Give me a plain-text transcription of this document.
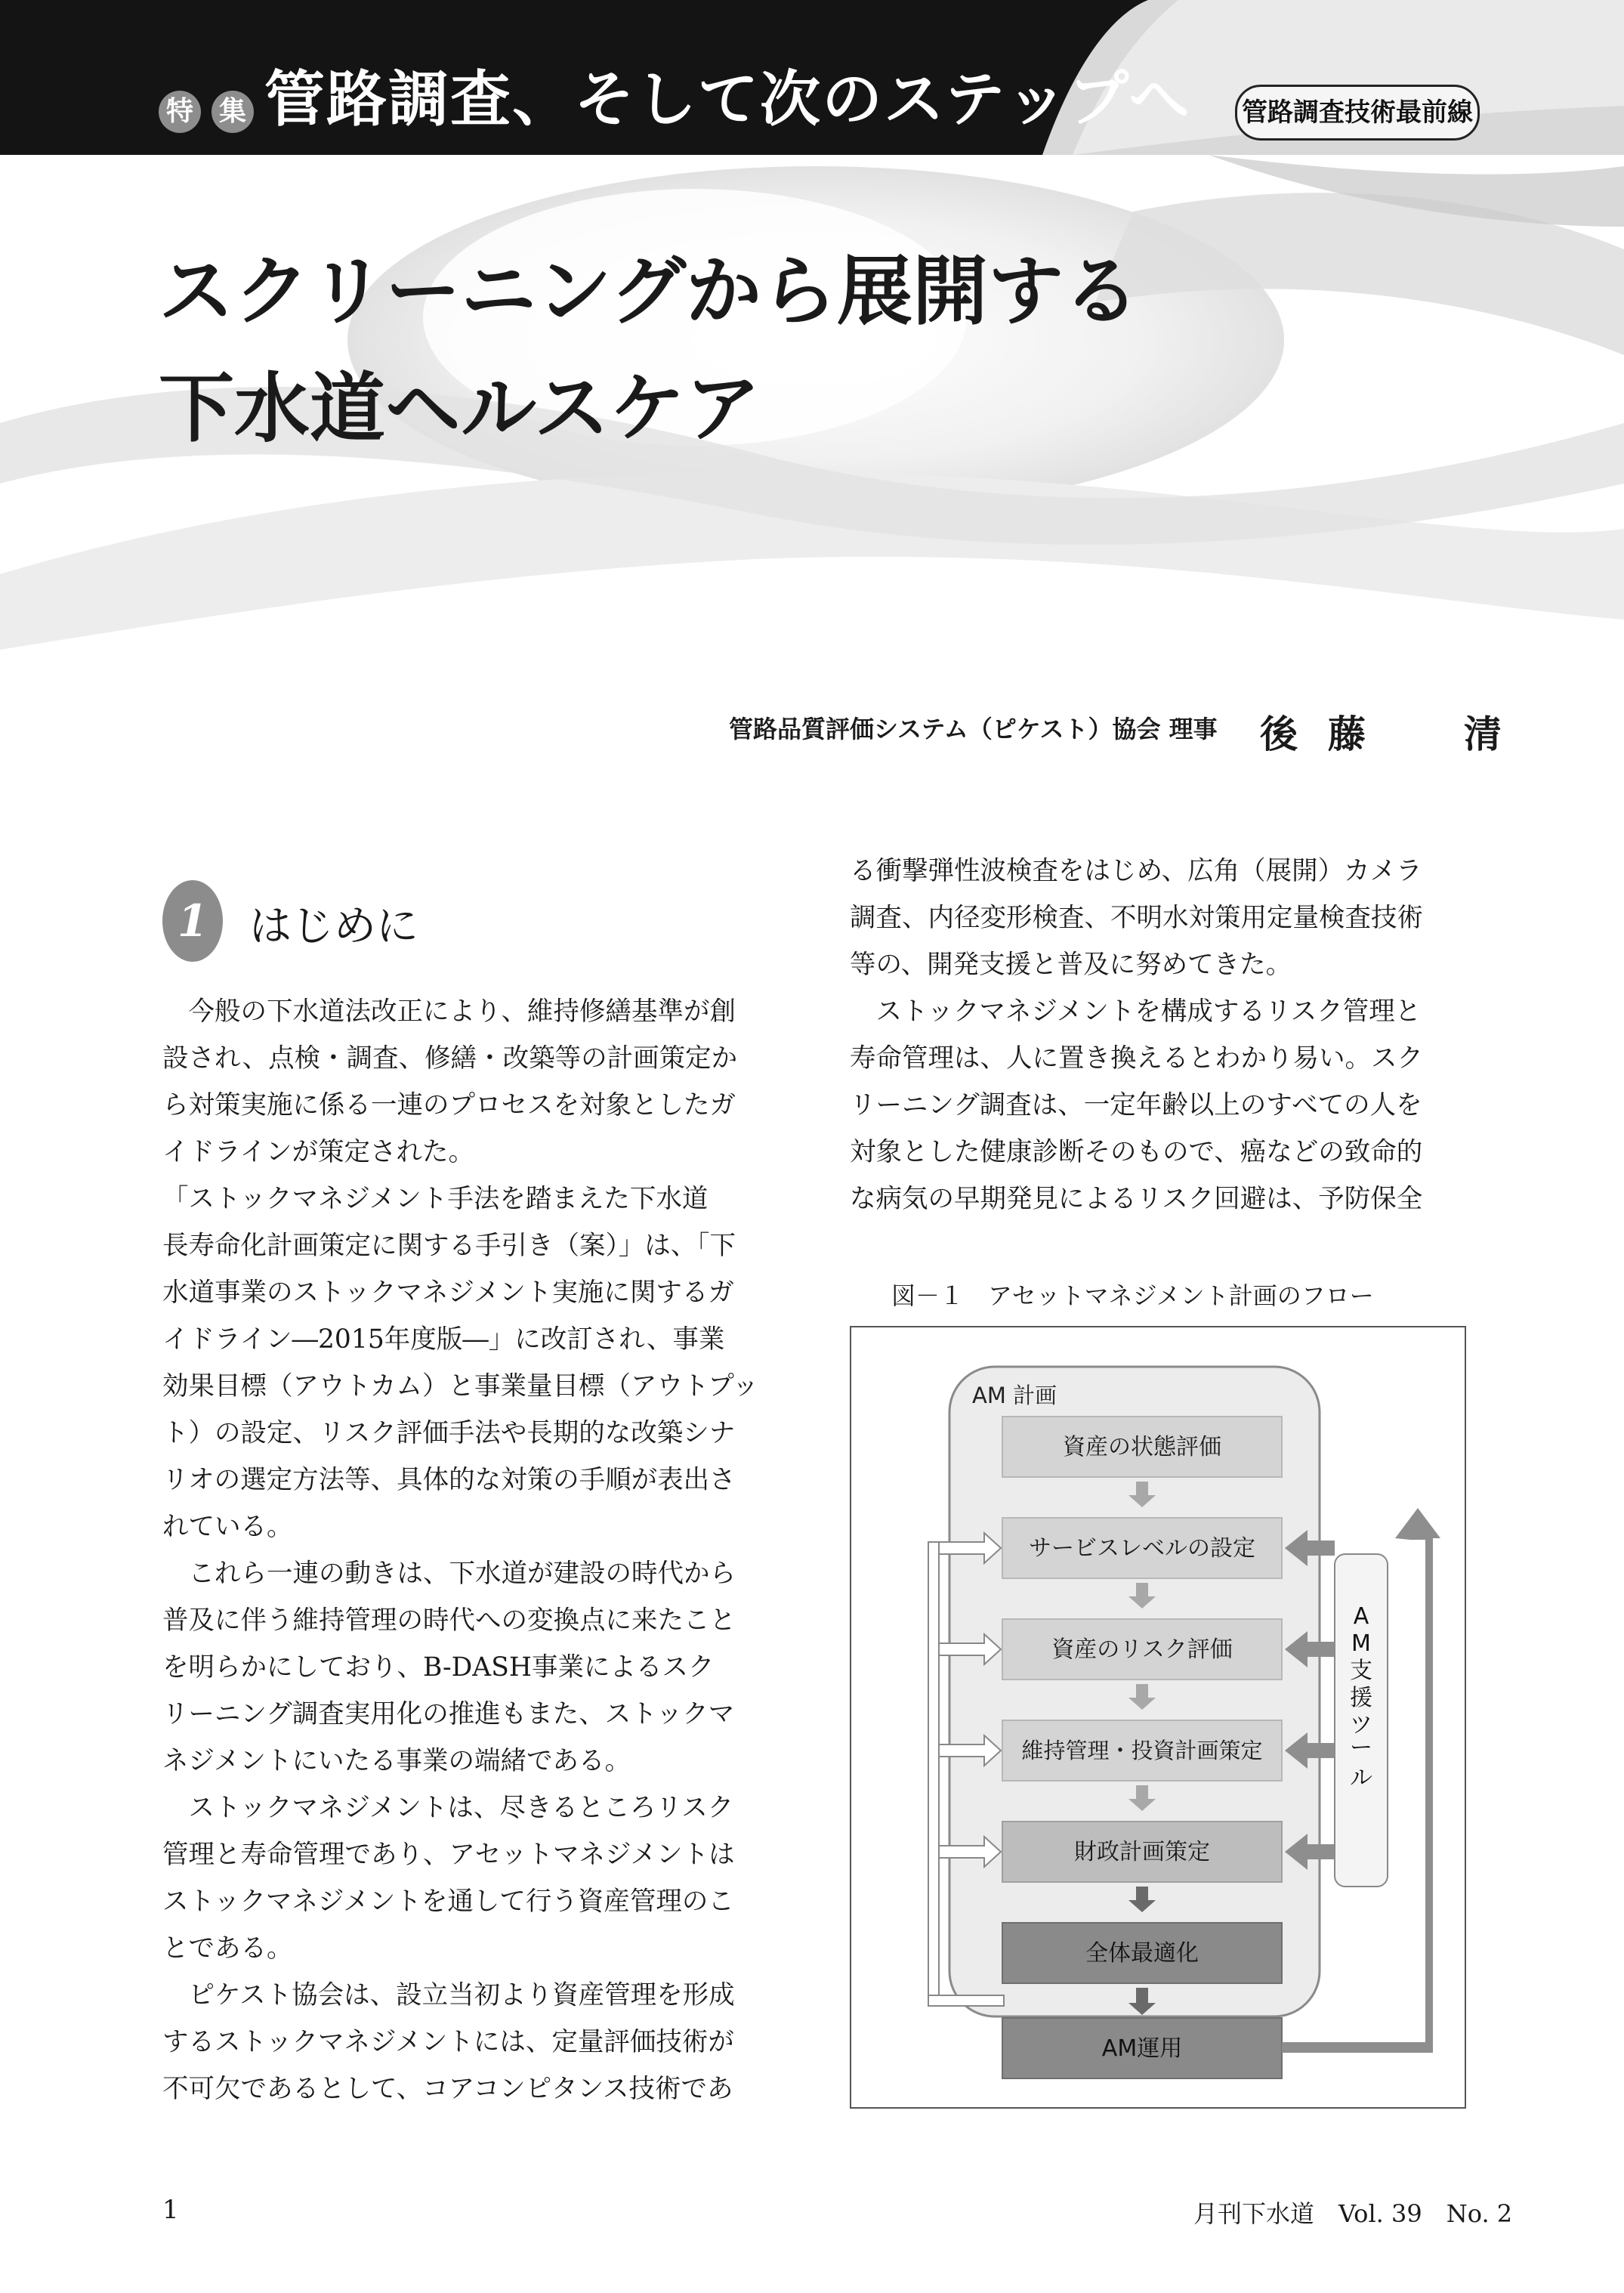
特 集 管路調査、そして次のステップへ 管路調査技術最前線
スクリーニングから展開する
下水道ヘルスケア
管路品質評価システム（ピケスト）協会 理事 後藤　清
1 はじめに
　今般の下水道法改正により、維持修繕基準が創
設され、点検・調査、修繕・改築等の計画策定か
ら対策実施に係る一連のプロセスを対象としたガ
イドラインが策定された。
「ストックマネジメント手法を踏まえた下水道
長寿命化計画策定に関する手引き（案）」は、「下
水道事業のストックマネジメント実施に関するガ
イドライン―2015年度版―」に改訂され、事業
効果目標（アウトカム）と事業量目標（アウトプッ
ト）の設定、リスク評価手法や長期的な改築シナ
リオの選定方法等、具体的な対策の手順が表出さ
れている。
　これら一連の動きは、下水道が建設の時代から
普及に伴う維持管理の時代への変換点に来たこと
を明らかにしており、B-DASH事業によるスク
リーニング調査実用化の推進もまた、ストックマ
ネジメントにいたる事業の端緒である。
　ストックマネジメントは、尽きるところリスク
管理と寿命管理であり、アセットマネジメントは
ストックマネジメントを通して行う資産管理のこ
とである。
　ピケスト協会は、設立当初より資産管理を形成
するストックマネジメントには、定量評価技術が
不可欠であるとして、コアコンピタンス技術であ
る衝撃弾性波検査をはじめ、広角（展開）カメラ
調査、内径変形検査、不明水対策用定量検査技術
等の、開発支援と普及に努めてきた。
　ストックマネジメントを構成するリスク管理と
寿命管理は、人に置き換えるとわかり易い。スク
リーニング調査は、一定年齢以上のすべての人を
対象とした健康診断そのもので、癌などの致命的
な病気の早期発見によるリスク回避は、予防保全
図－１　アセットマネジメント計画のフロー
AM 計画
資産の状態評価
サービスレベルの設定
資産のリスク評価
維持管理・投資計画策定
財政計画策定
全体最適化
AM運用
A
M
支
援
ツ
ー
ル
1	月刊下水道　Vol. 39　No. 2
